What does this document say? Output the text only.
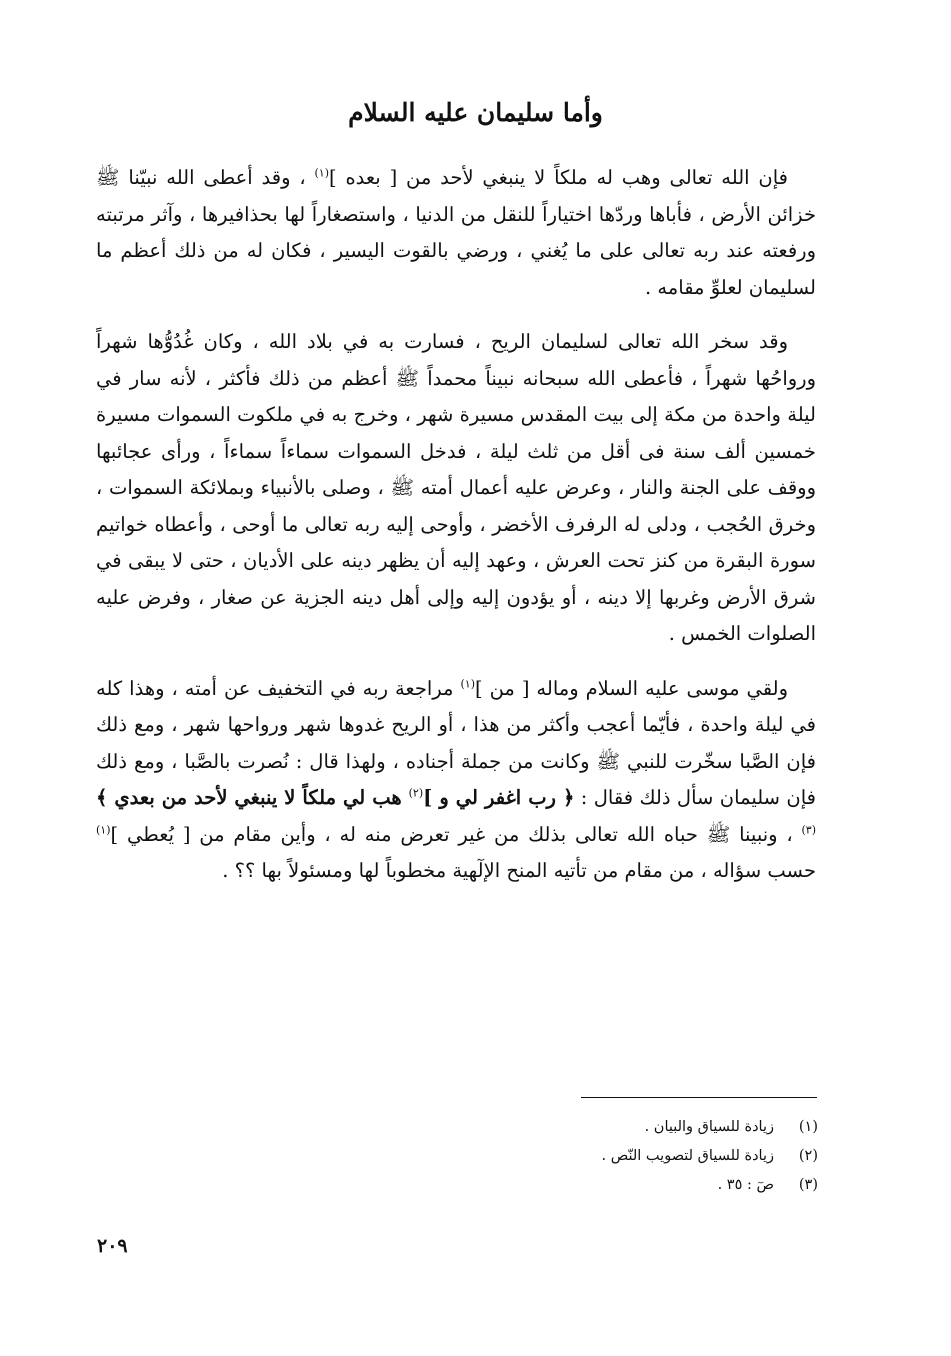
وأما سليمان عليه السلام

فإن الله تعالى وهب له ملكاً لا ينبغي لأحد من [ بعده ]$^{(١)}$ ، وقد أعطى الله نبيّنا ﷺ خزائن الأرض ، فأباها وردّها اختياراً للنقل من الدنيا ، واستصغاراً لها بحذافيرها ، وآثر مرتبته ورفعته عند ربه تعالى على ما يُغني ، ورضي بالقوت اليسير ، فكان له من ذلك أعظم ما لسليمان لعلوِّ مقامه .

وقد سخر الله تعالى لسليمان الريح ، فسارت به في بلاد الله ، وكان غُدُوُّها شهراً ورواحُها شهراً ، فأعطى الله سبحانه نبيناً محمداً ﷺ أعظم من ذلك فأكثر ، لأنه سار في ليلة واحدة من مكة إلى بيت المقدس مسيرة شهر ، وخرج به في ملكوت السموات مسيرة خمسين ألف سنة فى أقل من ثلث ليلة ، فدخل السموات سماءاً سماءاً ، ورأى عجائبها ووقف على الجنة والنار ، وعرض عليه أعمال أمته ﷺ ، وصلى بالأنبياء وبملائكة السموات ، وخرق الحُجب ، ودلى له الرفرف الأخضر ، وأوحى إليه ربه تعالى ما أوحى ، وأعطاه خواتيم سورة البقرة من كنز تحت العرش ، وعهد إليه أن يظهر دينه على الأديان ، حتى لا يبقى في شرق الأرض وغربها إلا دينه ، أو يؤدون إليه وإلى أهل دينه الجزية عن صغار ، وفرض عليه الصلوات الخمس .

ولقي موسى عليه السلام وماله [ من ]$^{(١)}$ مراجعة ربه في التخفيف عن أمته ، وهذا كله في ليلة واحدة ، فأيّما أعجب وأكثر من هذا ، أو الريح غدوها شهر ورواحها شهر ، ومع ذلك فإن الصَّبا سخّرت للنبي ﷺ وكانت من جملة أجناده ، ولهذا قال : نُصرت بالصَّبا ، ومع ذلك فإن سليمان سأل ذلك فقال : ﴿ رب اغفر لي و ]$^{(٢)}$ هب لي ملكاً لا ينبغي لأحد من بعدي ﴾$^{(٣)}$ ، ونبينا ﷺ حباه الله تعالى بذلك من غير تعرض منه له ، وأين مقام من [ يُعطي ]$^{(١)}$ حسب سؤاله ، من مقام من تأتيه المنح الإلٓهية مخطوباً لها ومسئولاً بها ؟؟ .

(١)
زيادة للسياق والبيان .
(٢)
زيادة للسياق لتصويب النّص .
(٣)
صٓ : ٣٥ .
٢٠٩
